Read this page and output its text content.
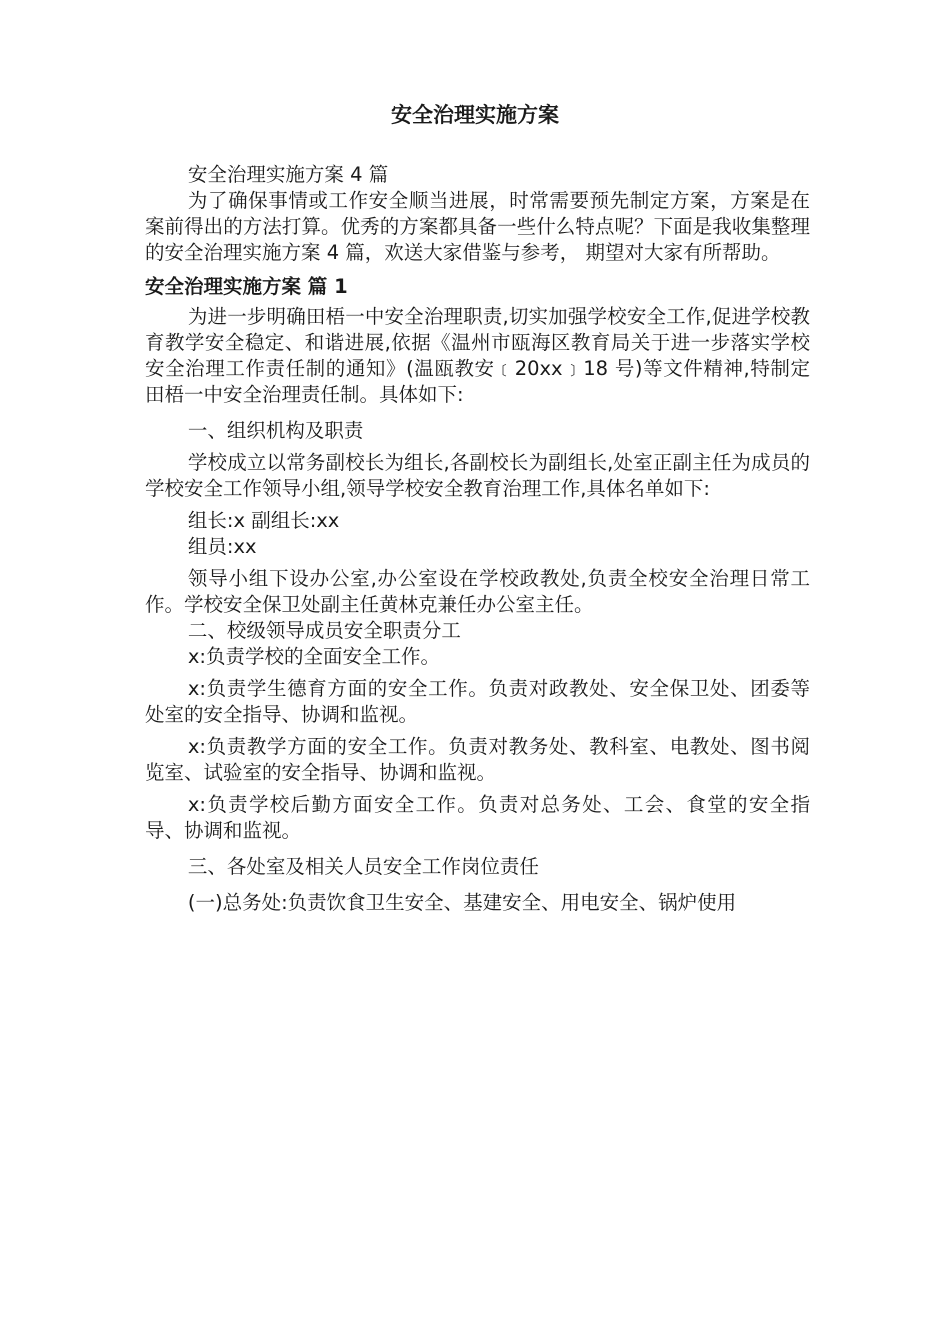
安全治理实施方案

安全治理实施方案 4 篇

为了确保事情或工作安全顺当进展，时常需要预先制定方案，方案是在案前得出的方法打算。优秀的方案都具备一些什么特点呢？下面是我收集整理的安全治理实施方案 4 篇，欢送大家借鉴与参考， 期望对大家有所帮助。

安全治理实施方案 篇 1

为进一步明确田梧一中安全治理职责,切实加强学校安全工作,促进学校教育教学安全稳定、和谐进展,依据《温州市瓯海区教育局关于进一步落实学校安全治理工作责任制的通知》(温瓯教安﹝20xx﹞18 号)等文件精神,特制定田梧一中安全治理责任制。具体如下:

一、组织机构及职责

学校成立以常务副校长为组长,各副校长为副组长,处室正副主任为成员的学校安全工作领导小组,领导学校安全教育治理工作,具体名单如下:

组长:x 副组长:xx

组员:xx

领导小组下设办公室,办公室设在学校政教处,负责全校安全治理日常工作。学校安全保卫处副主任黄林克兼任办公室主任。

二、校级领导成员安全职责分工

x:负责学校的全面安全工作。

x:负责学生德育方面的安全工作。负责对政教处、安全保卫处、团委等处室的安全指导、协调和监视。

x:负责教学方面的安全工作。负责对教务处、教科室、电教处、图书阅览室、试验室的安全指导、协调和监视。

x:负责学校后勤方面安全工作。负责对总务处、工会、食堂的安全指导、协调和监视。

三、各处室及相关人员安全工作岗位责任

(一)总务处:负责饮食卫生安全、基建安全、用电安全、锅炉使用
